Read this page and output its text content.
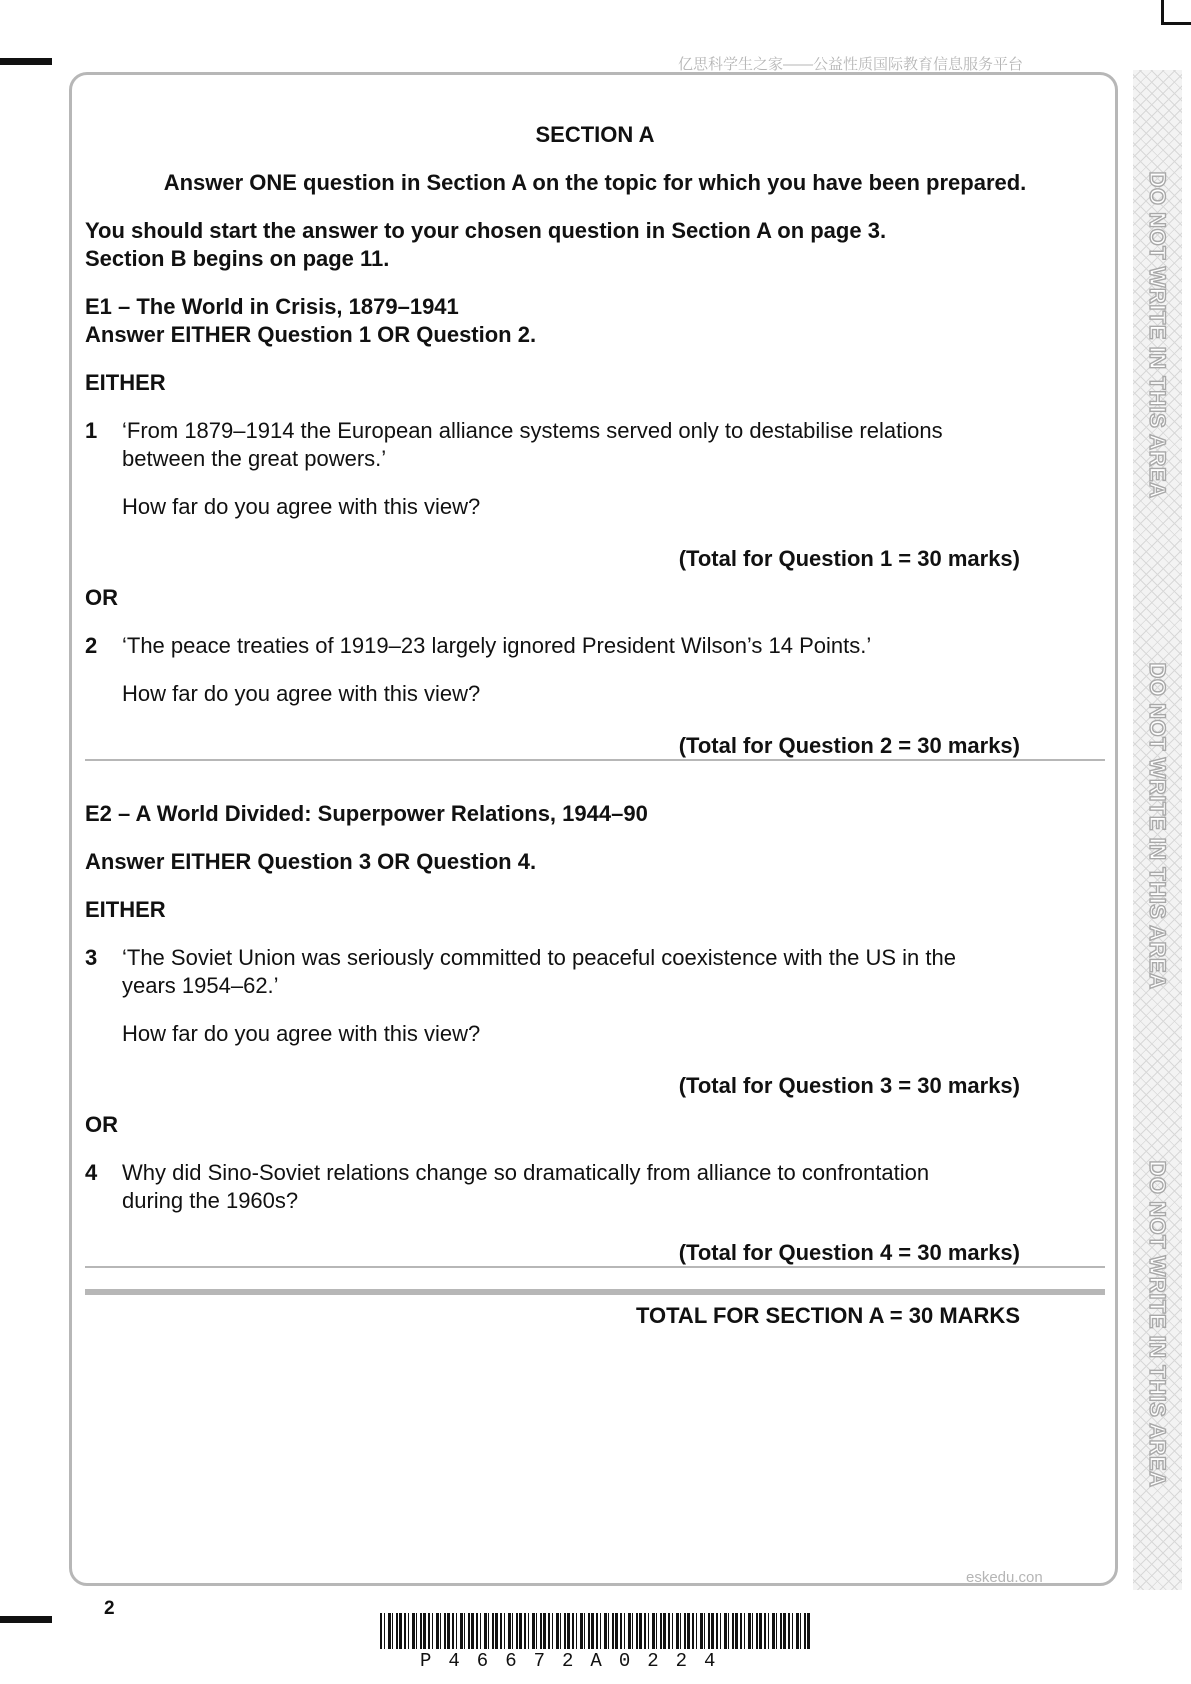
亿思科学生之家——公益性质国际教育信息服务平台
DO NOT WRITE IN THIS AREA
DO NOT WRITE IN THIS AREA
DO NOT WRITE IN THIS AREA
SECTION A
Answer ONE question in Section A on the topic for which you have been prepared.
You should start the answer to your chosen question in Section A on page 3.
Section B begins on page 11.
E1 – The World in Crisis, 1879–1941
Answer EITHER Question 1 OR Question 2.
EITHER
1 ‘From 1879–1914 the European alliance systems served only to destabilise relations
between the great powers.’
How far do you agree with this view?
(Total for Question 1 = 30 marks)
OR
2 ‘The peace treaties of 1919–23 largely ignored President Wilson’s 14 Points.’
How far do you agree with this view?
(Total for Question 2 = 30 marks)
E2 – A World Divided: Superpower Relations, 1944–90
Answer EITHER Question 3 OR Question 4.
EITHER
3 ‘The Soviet Union was seriously committed to peaceful coexistence with the US in the
years 1954–62.’
How far do you agree with this view?
(Total for Question 3 = 30 marks)
OR
4 Why did Sino-Soviet relations change so dramatically from alliance to confrontation
during the 1960s?
(Total for Question 4 = 30 marks)
TOTAL FOR SECTION A = 30 MARKS
eskedu.con
2
P46672A0224
